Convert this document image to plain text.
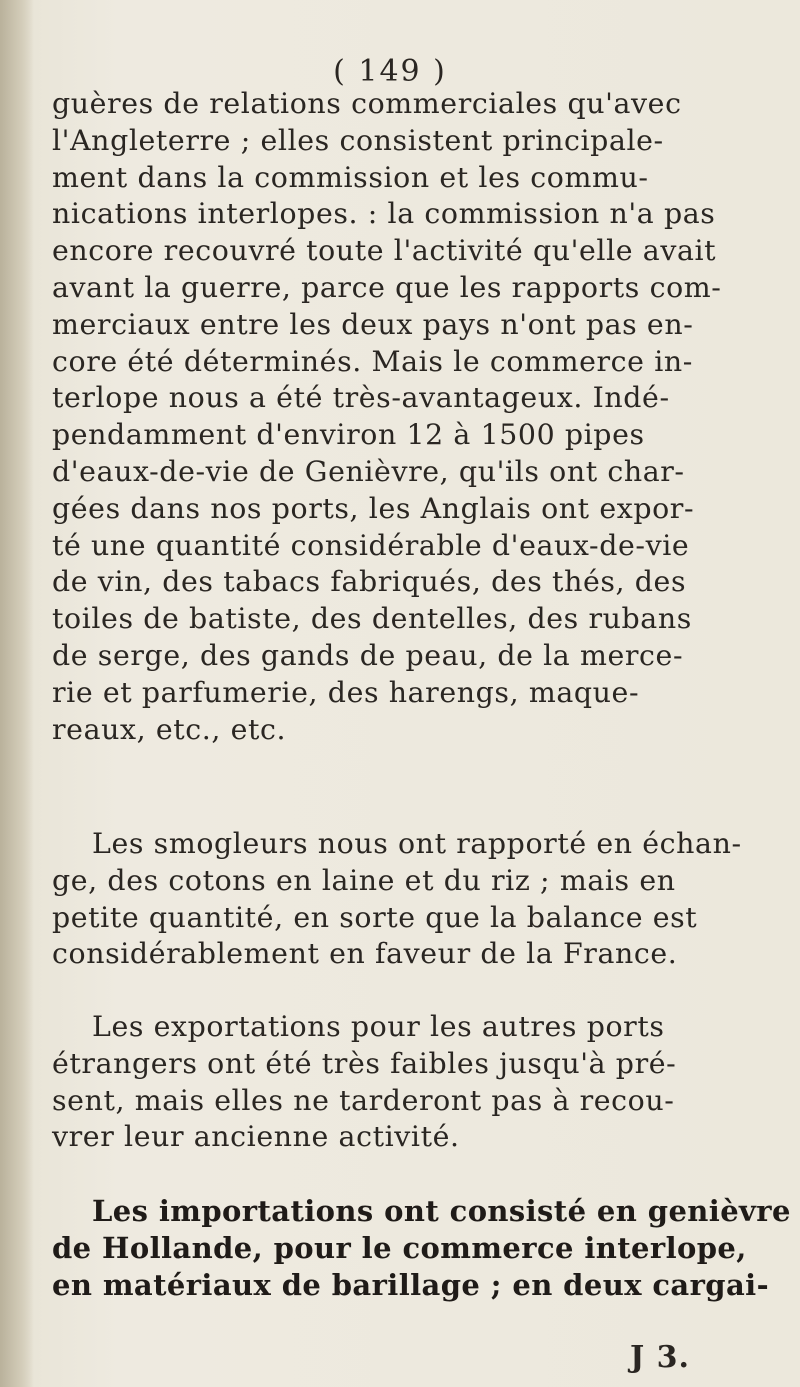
( 149 )
guères de relations commerciales qu'avec
l'Angleterre ; elles consistent principale-
ment dans la commission et les commu-
nications interlopes. : la commission n'a pas
encore recouvré toute l'activité qu'elle avait
avant la guerre, parce que les rapports com-
merciaux entre les deux pays n'ont pas en-
core été déterminés. Mais le commerce in-
terlope nous a été très-avantageux. Indé-
pendamment d'environ 12 à 1500 pipes
d'eaux-de-vie de Genièvre, qu'ils ont char-
gées dans nos ports, les Anglais ont expor-
té une quantité considérable d'eaux-de-vie
de vin, des tabacs fabriqués, des thés, des
toiles de batiste, des dentelles, des rubans
de serge, des gands de peau, de la merce-
rie et parfumerie, des harengs, maque-
reaux, etc., etc.
Les smogleurs nous ont rapporté en échan-
ge, des cotons en laine et du riz ; mais en
petite quantité, en sorte que la balance est
considérablement en faveur de la France.
Les exportations pour les autres ports
étrangers ont été très faibles jusqu'à pré-
sent, mais elles ne tarderont pas à recou-
vrer leur ancienne activité.
Les importations ont consisté en genièvre
de Hollande, pour le commerce interlope,
en matériaux de barillage ; en deux cargai-
J 3.
